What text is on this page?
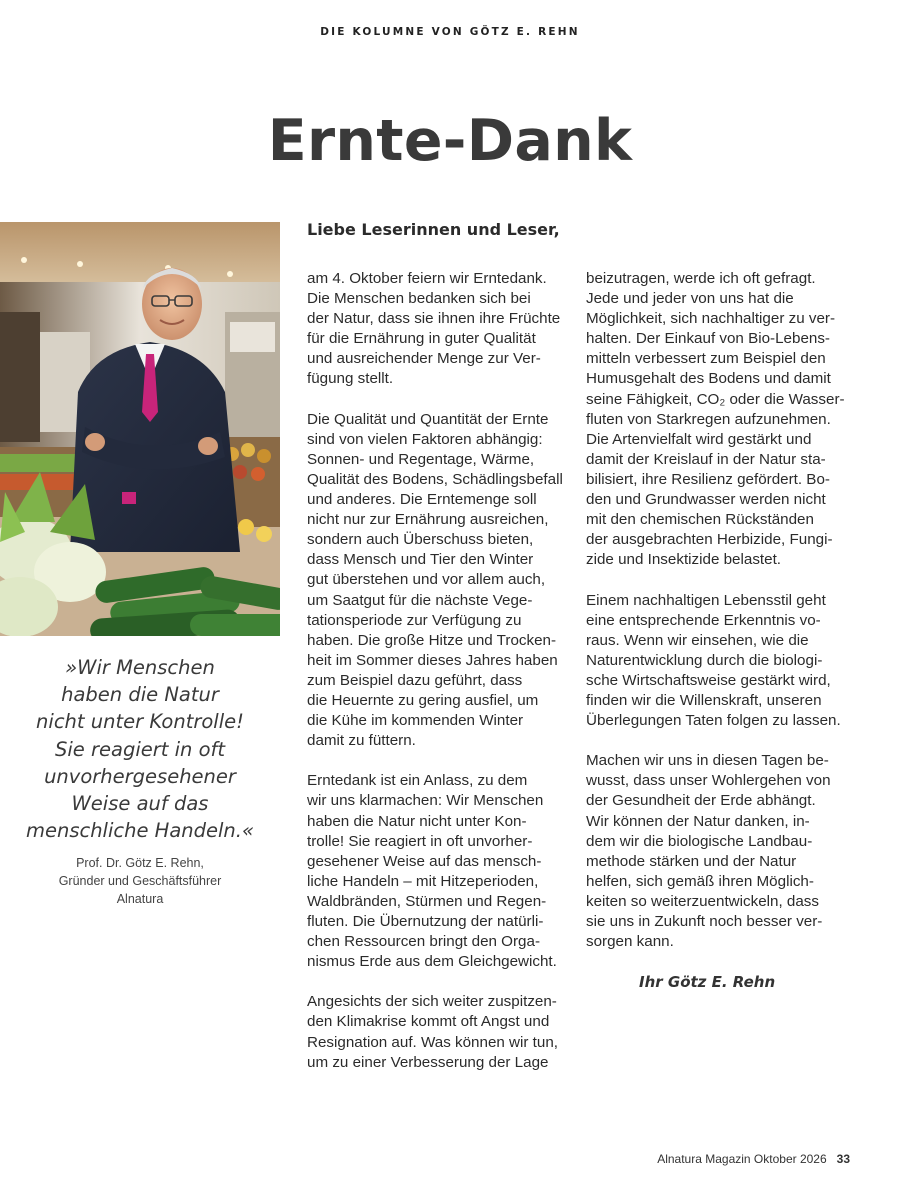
DIE KOLUMNE VON GÖTZ E. REHN
Ernte-Dank
»Wir Menschen
haben die Natur
nicht unter Kontrolle!
Sie reagiert in oft
unvorhergesehener
Weise auf das
menschliche Handeln.«
Prof. Dr. Götz E. Rehn,
Gründer und Geschäftsführer
Alnatura
Liebe Leserinnen und Leser,

am 4. Oktober feiern wir Erntedank.
Die Menschen bedanken sich bei
der Natur, dass sie ihnen ihre Früchte
für die Ernährung in guter Qualität
und ausreichender Menge zur Ver-
fügung stellt.

Die Qualität und Quantität der Ernte
sind von vielen Faktoren abhängig:
Sonnen- und Regentage, Wärme,
Qualität des Bodens, Schädlingsbefall
und anderes. Die Erntemenge soll
nicht nur zur Ernährung ausreichen,
sondern auch Überschuss bieten,
dass Mensch und Tier den Winter
gut überstehen und vor allem auch,
um Saatgut für die nächste Vege-
tationsperiode zur Verfügung zu
haben. Die große Hitze und Trocken-
heit im Sommer dieses Jahres haben
zum Beispiel dazu geführt, dass
die Heuernte zu gering ausfiel, um
die Kühe im kommenden Winter
damit zu füttern.

Erntedank ist ein Anlass, zu dem
wir uns klarmachen: Wir Menschen
haben die Natur nicht unter Kon-
trolle! Sie reagiert in oft unvorher-
gesehener Weise auf das mensch-
liche Handeln – mit Hitzeperioden,
Waldbränden, Stürmen und Regen-
fluten. Die Übernutzung der natürli-
chen Ressourcen bringt den Orga-
nismus Erde aus dem Gleichgewicht.

Angesichts der sich weiter zuspitzen-
den Klimakrise kommt oft Angst und
Resignation auf. Was können wir tun,
um zu einer Verbesserung der Lage

beizutragen, werde ich oft gefragt.
Jede und jeder von uns hat die
Möglichkeit, sich nachhaltiger zu ver-
halten. Der Einkauf von Bio-Lebens-
mitteln verbessert zum Beispiel den
Humusgehalt des Bodens und damit
seine Fähigkeit, CO₂ oder die Wasser-
fluten von Starkregen aufzunehmen.
Die Artenvielfalt wird gestärkt und
damit der Kreislauf in der Natur sta-
bilisiert, ihre Resilienz gefördert. Bo-
den und Grundwasser werden nicht
mit den chemischen Rückständen
der ausgebrachten Herbizide, Fungi-
zide und Insektizide belastet.

Einem nachhaltigen Lebensstil geht
eine entsprechende Erkenntnis vo-
raus. Wenn wir einsehen, wie die
Naturentwicklung durch die biologi-
sche Wirtschaftsweise gestärkt wird,
finden wir die Willenskraft, unseren
Überlegungen Taten folgen zu lassen.

Machen wir uns in diesen Tagen be-
wusst, dass unser Wohlergehen von
der Gesundheit der Erde abhängt.
Wir können der Natur danken, in-
dem wir die biologische Landbau-
methode stärken und der Natur
helfen, sich gemäß ihren Möglich-
keiten so weiterzuentwickeln, dass
sie uns in Zukunft noch besser ver-
sorgen kann.

Ihr Götz E. Rehn
Alnatura Magazin Oktober 2026 33
